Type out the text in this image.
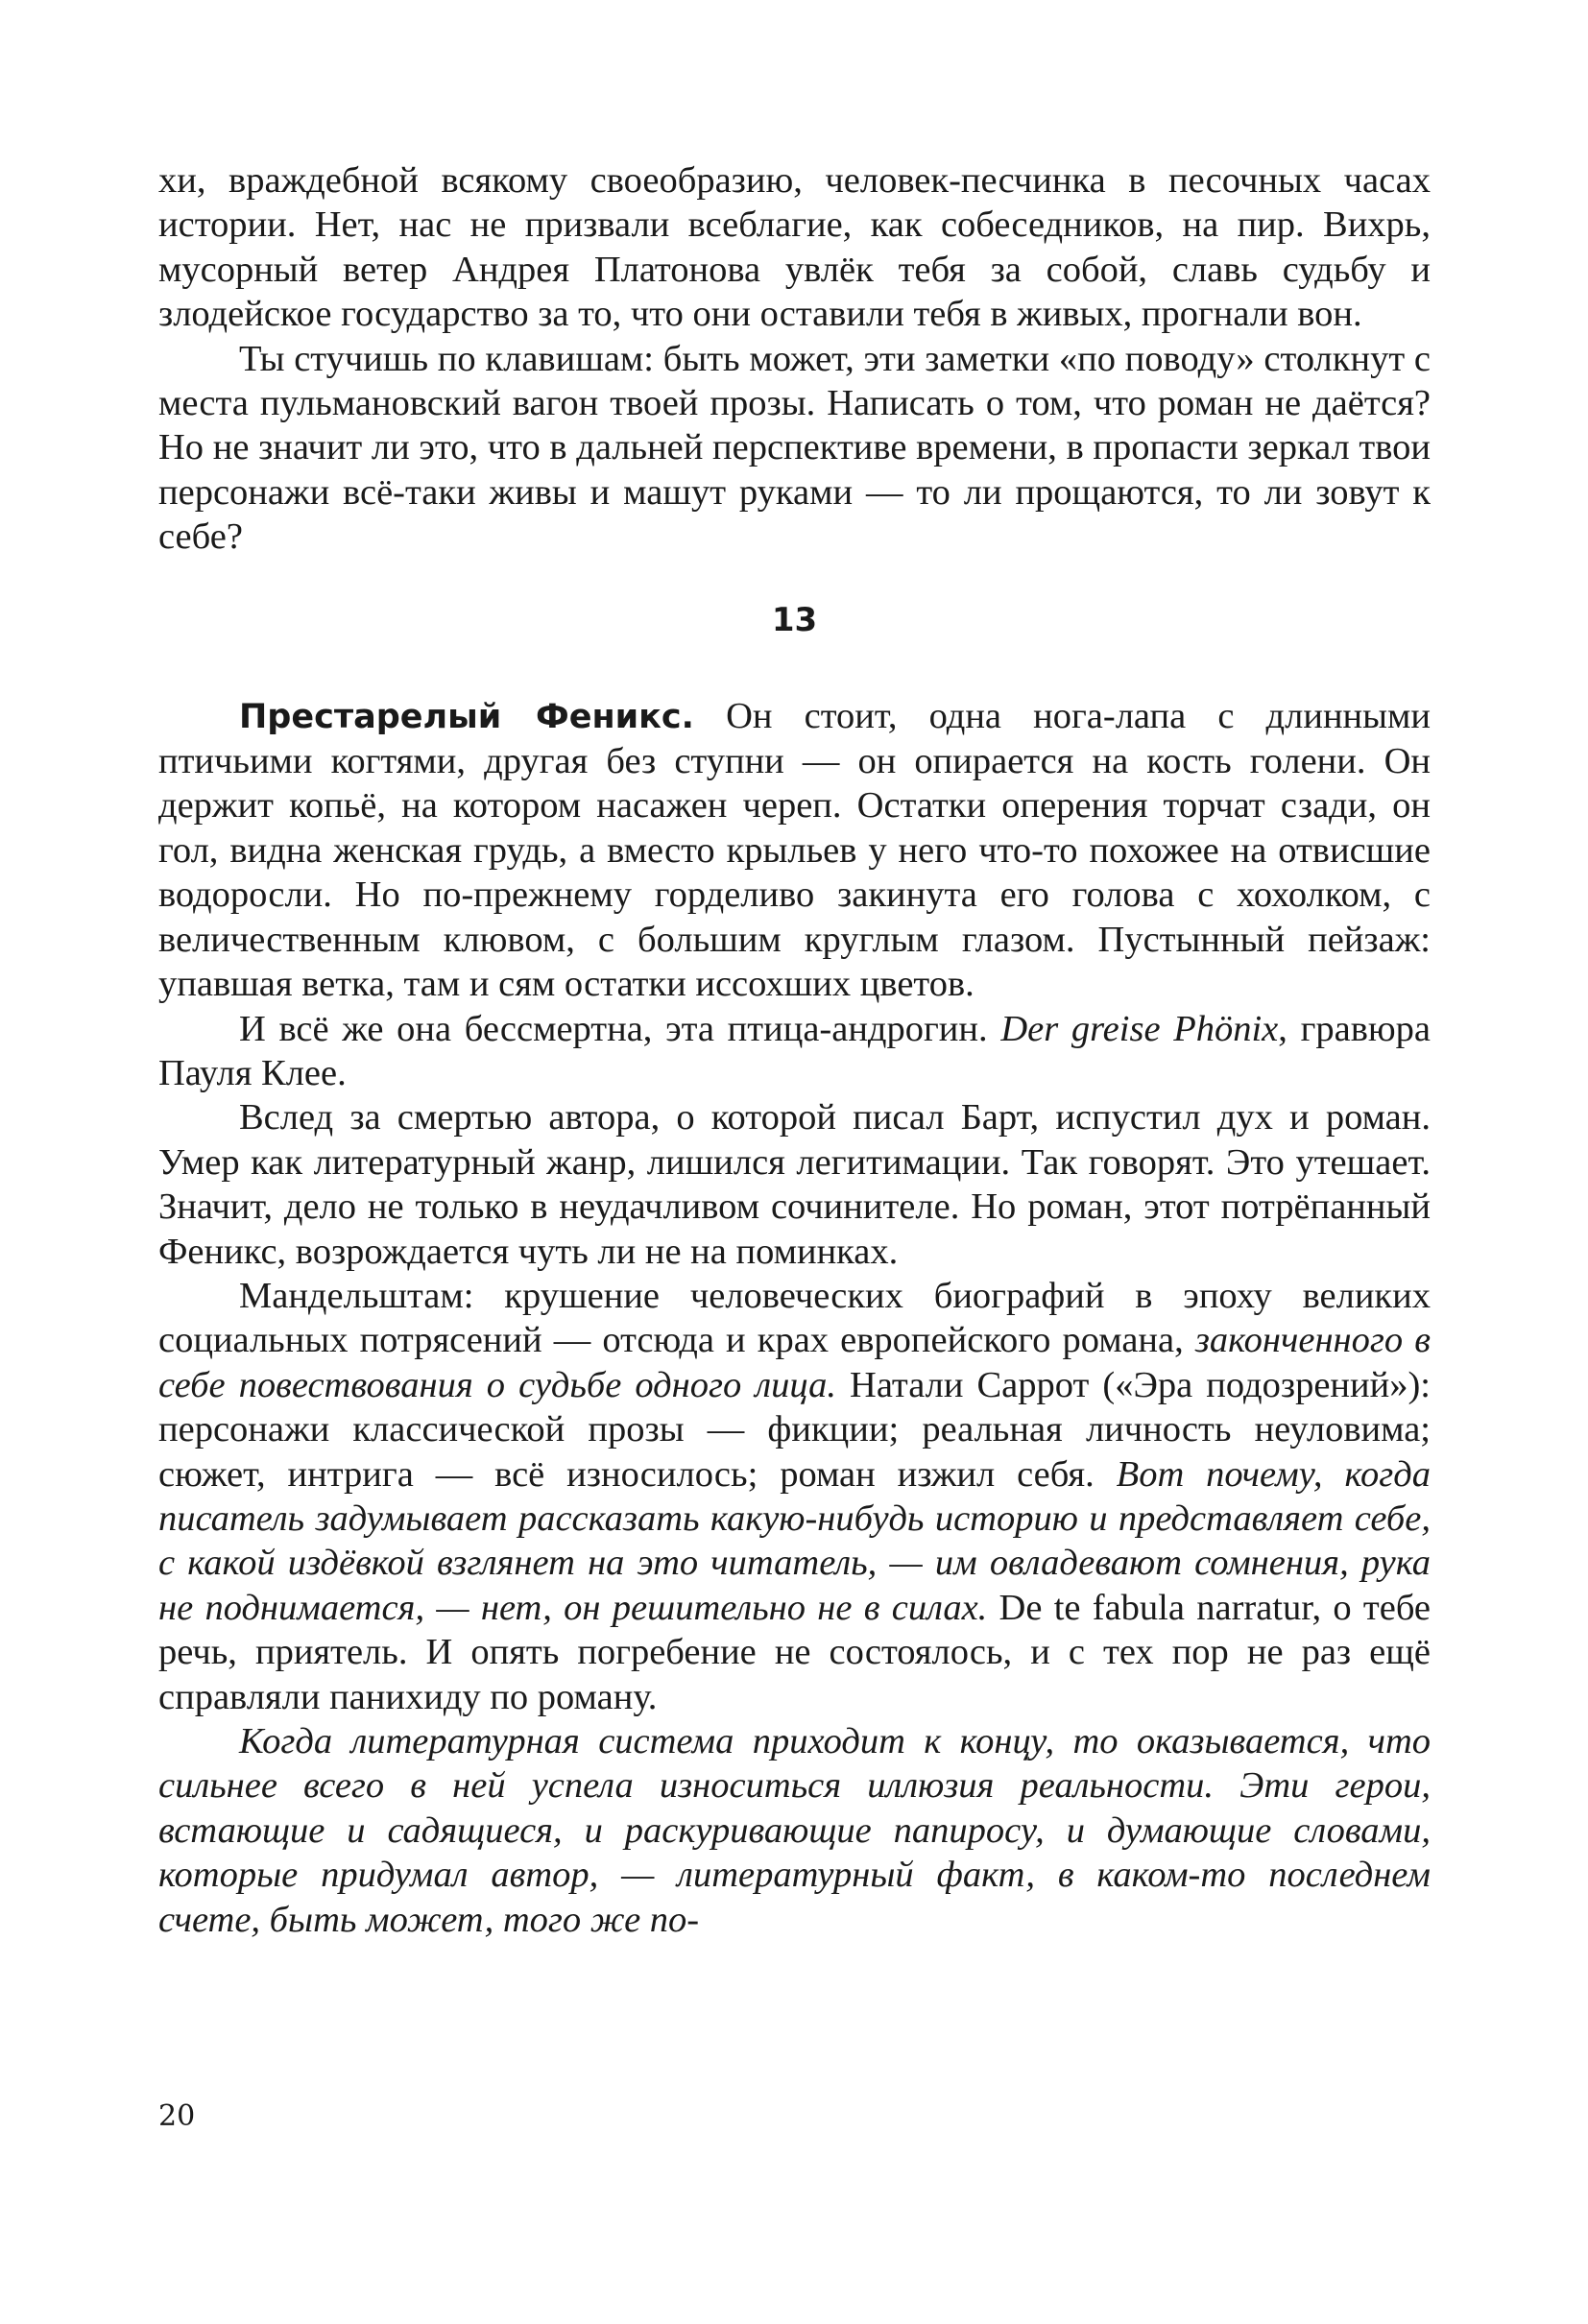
хи, враждебной всякому своеобразию, человек-песчинка в песочных часах истории. Нет, нас не призвали всеблагие, как собеседников, на пир. Вихрь, мусорный ветер Андрея Платонова увлёк тебя за собой, славь судьбу и злодейское государство за то, что они оставили тебя в живых, прогнали вон.

Ты стучишь по клавишам: быть может, эти заметки «по поводу» столкнут с места пульмановский вагон твоей прозы. Написать о том, что роман не даётся? Но не значит ли это, что в дальней перспективе времени, в пропасти зеркал твои персонажи всё-таки живы и машут руками — то ли прощаются, то ли зовут к себе?

13

Престарелый Феникс. Он стоит, одна нога-лапа с длинными птичьими когтями, другая без ступни — он опирается на кость голени. Он держит копьё, на котором насажен череп. Остатки оперения торчат сзади, он гол, видна женская грудь, а вместо крыльев у него что-то похожее на отвисшие водоросли. Но по-прежнему горделиво закинута его голова с хохолком, с величественным клювом, с большим круглым глазом. Пустынный пейзаж: упавшая ветка, там и сям остатки иссохших цветов.

И всё же она бессмертна, эта птица-андрогин. Der greise Phönix, гравюра Пауля Клее.

Вслед за смертью автора, о которой писал Барт, испустил дух и роман. Умер как литературный жанр, лишился легитимации. Так говорят. Это утешает. Значит, дело не только в неудачливом сочинителе. Но роман, этот потрёпанный Феникс, возрождается чуть ли не на поминках.

Мандельштам: крушение человеческих биографий в эпоху великих социальных потрясений — отсюда и крах европейского романа, законченного в себе повествования о судьбе одного лица. Натали Саррот («Эра подозрений»): персонажи классической прозы — фикции; реальная личность неуловима; сюжет, интрига — всё износилось; роман изжил себя. Вот почему, когда писатель задумывает рассказать какую-нибудь историю и представляет себе, с какой издёвкой взглянет на это читатель, — им овладевают сомнения, рука не поднимается, — нет, он решительно не в силах. De te fabula narratur, о тебе речь, приятель. И опять погребение не состоялось, и с тех пор не раз ещё справляли панихиду по роману.

Когда литературная система приходит к концу, то оказывается, что сильнее всего в ней успела износиться иллюзия реальности. Эти герои, встающие и садящиеся, и раскуривающие папиросу, и думающие словами, которые придумал автор, — литературный факт, в каком-то последнем счете, быть может, того же по-

20
